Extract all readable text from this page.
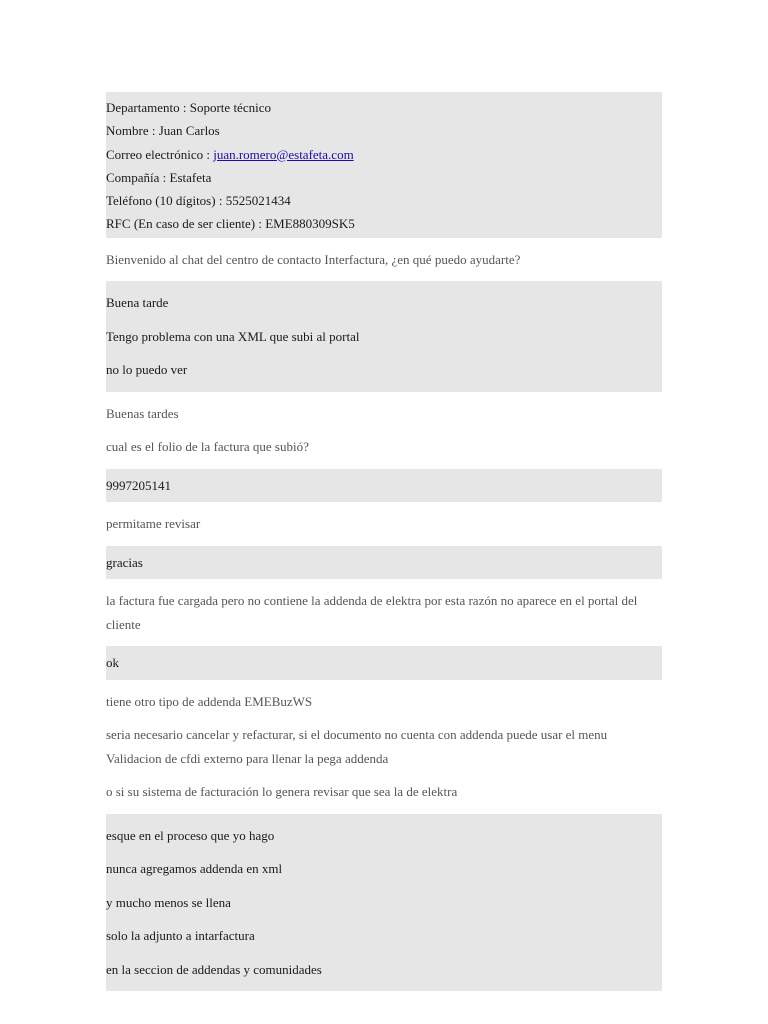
Departamento : Soporte técnico
Nombre : Juan Carlos
Correo electrónico : juan.romero@estafeta.com
Compañía : Estafeta
Teléfono (10 dígitos) : 5525021434
RFC (En caso de ser cliente) : EME880309SK5
Bienvenido al chat del centro de contacto Interfactura, ¿en qué puedo ayudarte?
Buena tarde
Tengo problema con una XML que subi al portal
no lo puedo ver
Buenas tardes
cual es el folio de la factura que subió?
9997205141
permitame revisar
gracias
la factura fue cargada pero no contiene la addenda de elektra por esta razón no aparece en el portal del cliente
ok
tiene otro tipo de addenda EMEBuzWS
seria necesario cancelar y refacturar, si el documento no cuenta con addenda puede usar el menu Validacion de cfdi externo para llenar la pega addenda
o si su sistema de facturación lo genera revisar que sea la de elektra
esque en el proceso que yo hago
nunca agregamos addenda en xml
y mucho menos se llena
solo la adjunto a intarfactura
en la seccion de addendas y comunidades
